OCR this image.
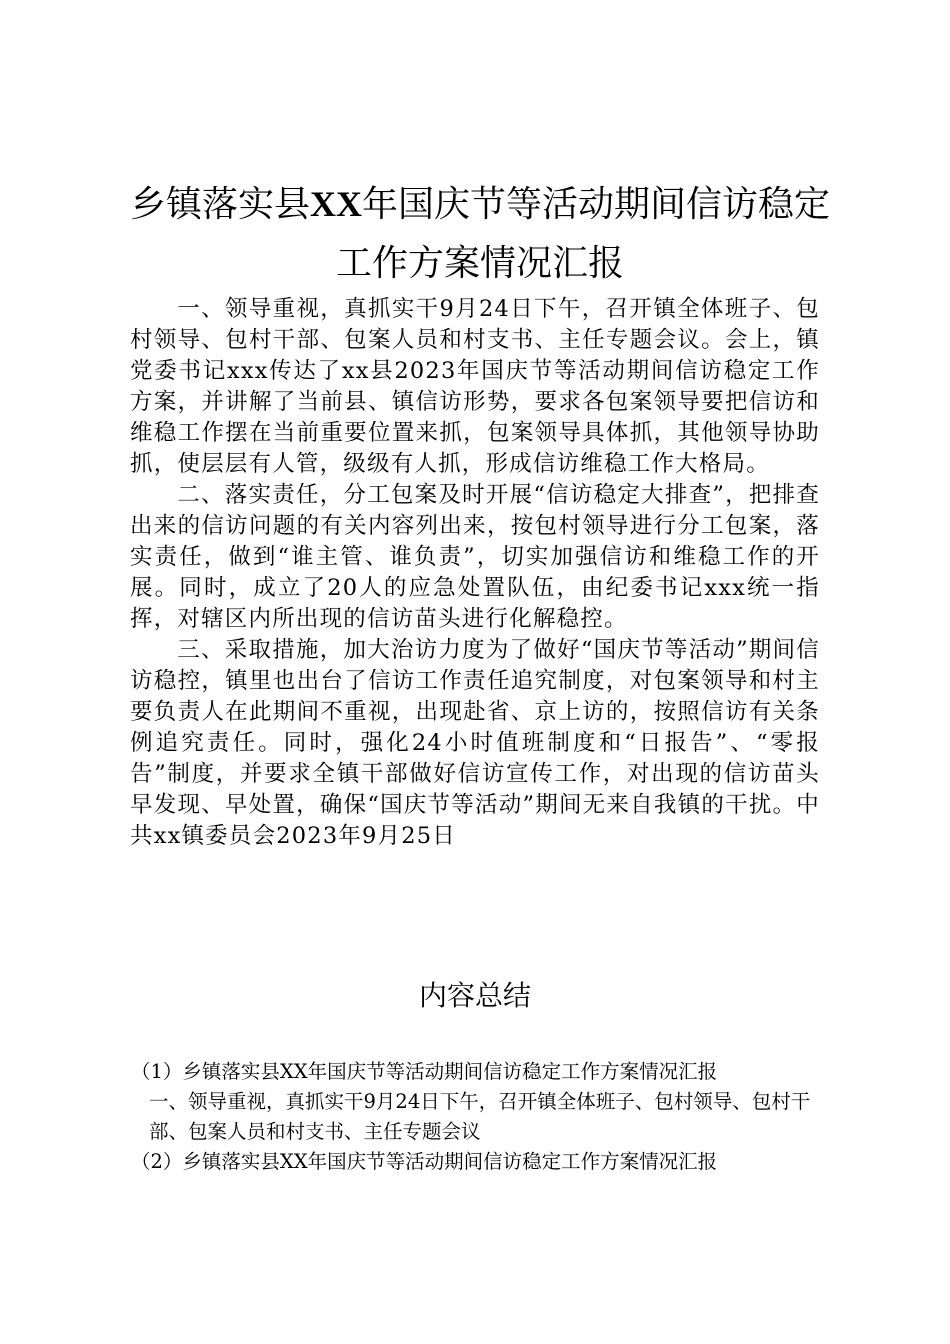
乡镇落实县XX年国庆节等活动期间信访稳定
工作方案情况汇报

一、领导重视，真抓实干9月24日下午，召开镇全体班子、包村领导、包村干部、包案人员和村支书、主任专题会议。会上，镇党委书记xxx传达了xx县2023年国庆节等活动期间信访稳定工作方案，并讲解了当前县、镇信访形势，要求各包案领导要把信访和维稳工作摆在当前重要位置来抓，包案领导具体抓，其他领导协助抓，使层层有人管，级级有人抓，形成信访维稳工作大格局。

二、落实责任，分工包案及时开展“信访稳定大排查”，把排查出来的信访问题的有关内容列出来，按包村领导进行分工包案，落实责任，做到“谁主管、谁负责”，切实加强信访和维稳工作的开展。同时，成立了20人的应急处置队伍，由纪委书记xxx统一指挥，对辖区内所出现的信访苗头进行化解稳控。

三、采取措施，加大治访力度为了做好“国庆节等活动”期间信访稳控，镇里也出台了信访工作责任追究制度，对包案领导和村主要负责人在此期间不重视，出现赴省、京上访的，按照信访有关条例追究责任。同时，强化24小时值班制度和“日报告”、“零报告”制度，并要求全镇干部做好信访宣传工作，对出现的信访苗头早发现、早处置，确保“国庆节等活动”期间无来自我镇的干扰。中共xx镇委员会2023年9月25日

内容总结

（1）乡镇落实县XX年国庆节等活动期间信访稳定工作方案情况汇报

一、领导重视，真抓实干9月24日下午，召开镇全体班子、包村领导、包村干部、包案人员和村支书、主任专题会议

（2）乡镇落实县XX年国庆节等活动期间信访稳定工作方案情况汇报
